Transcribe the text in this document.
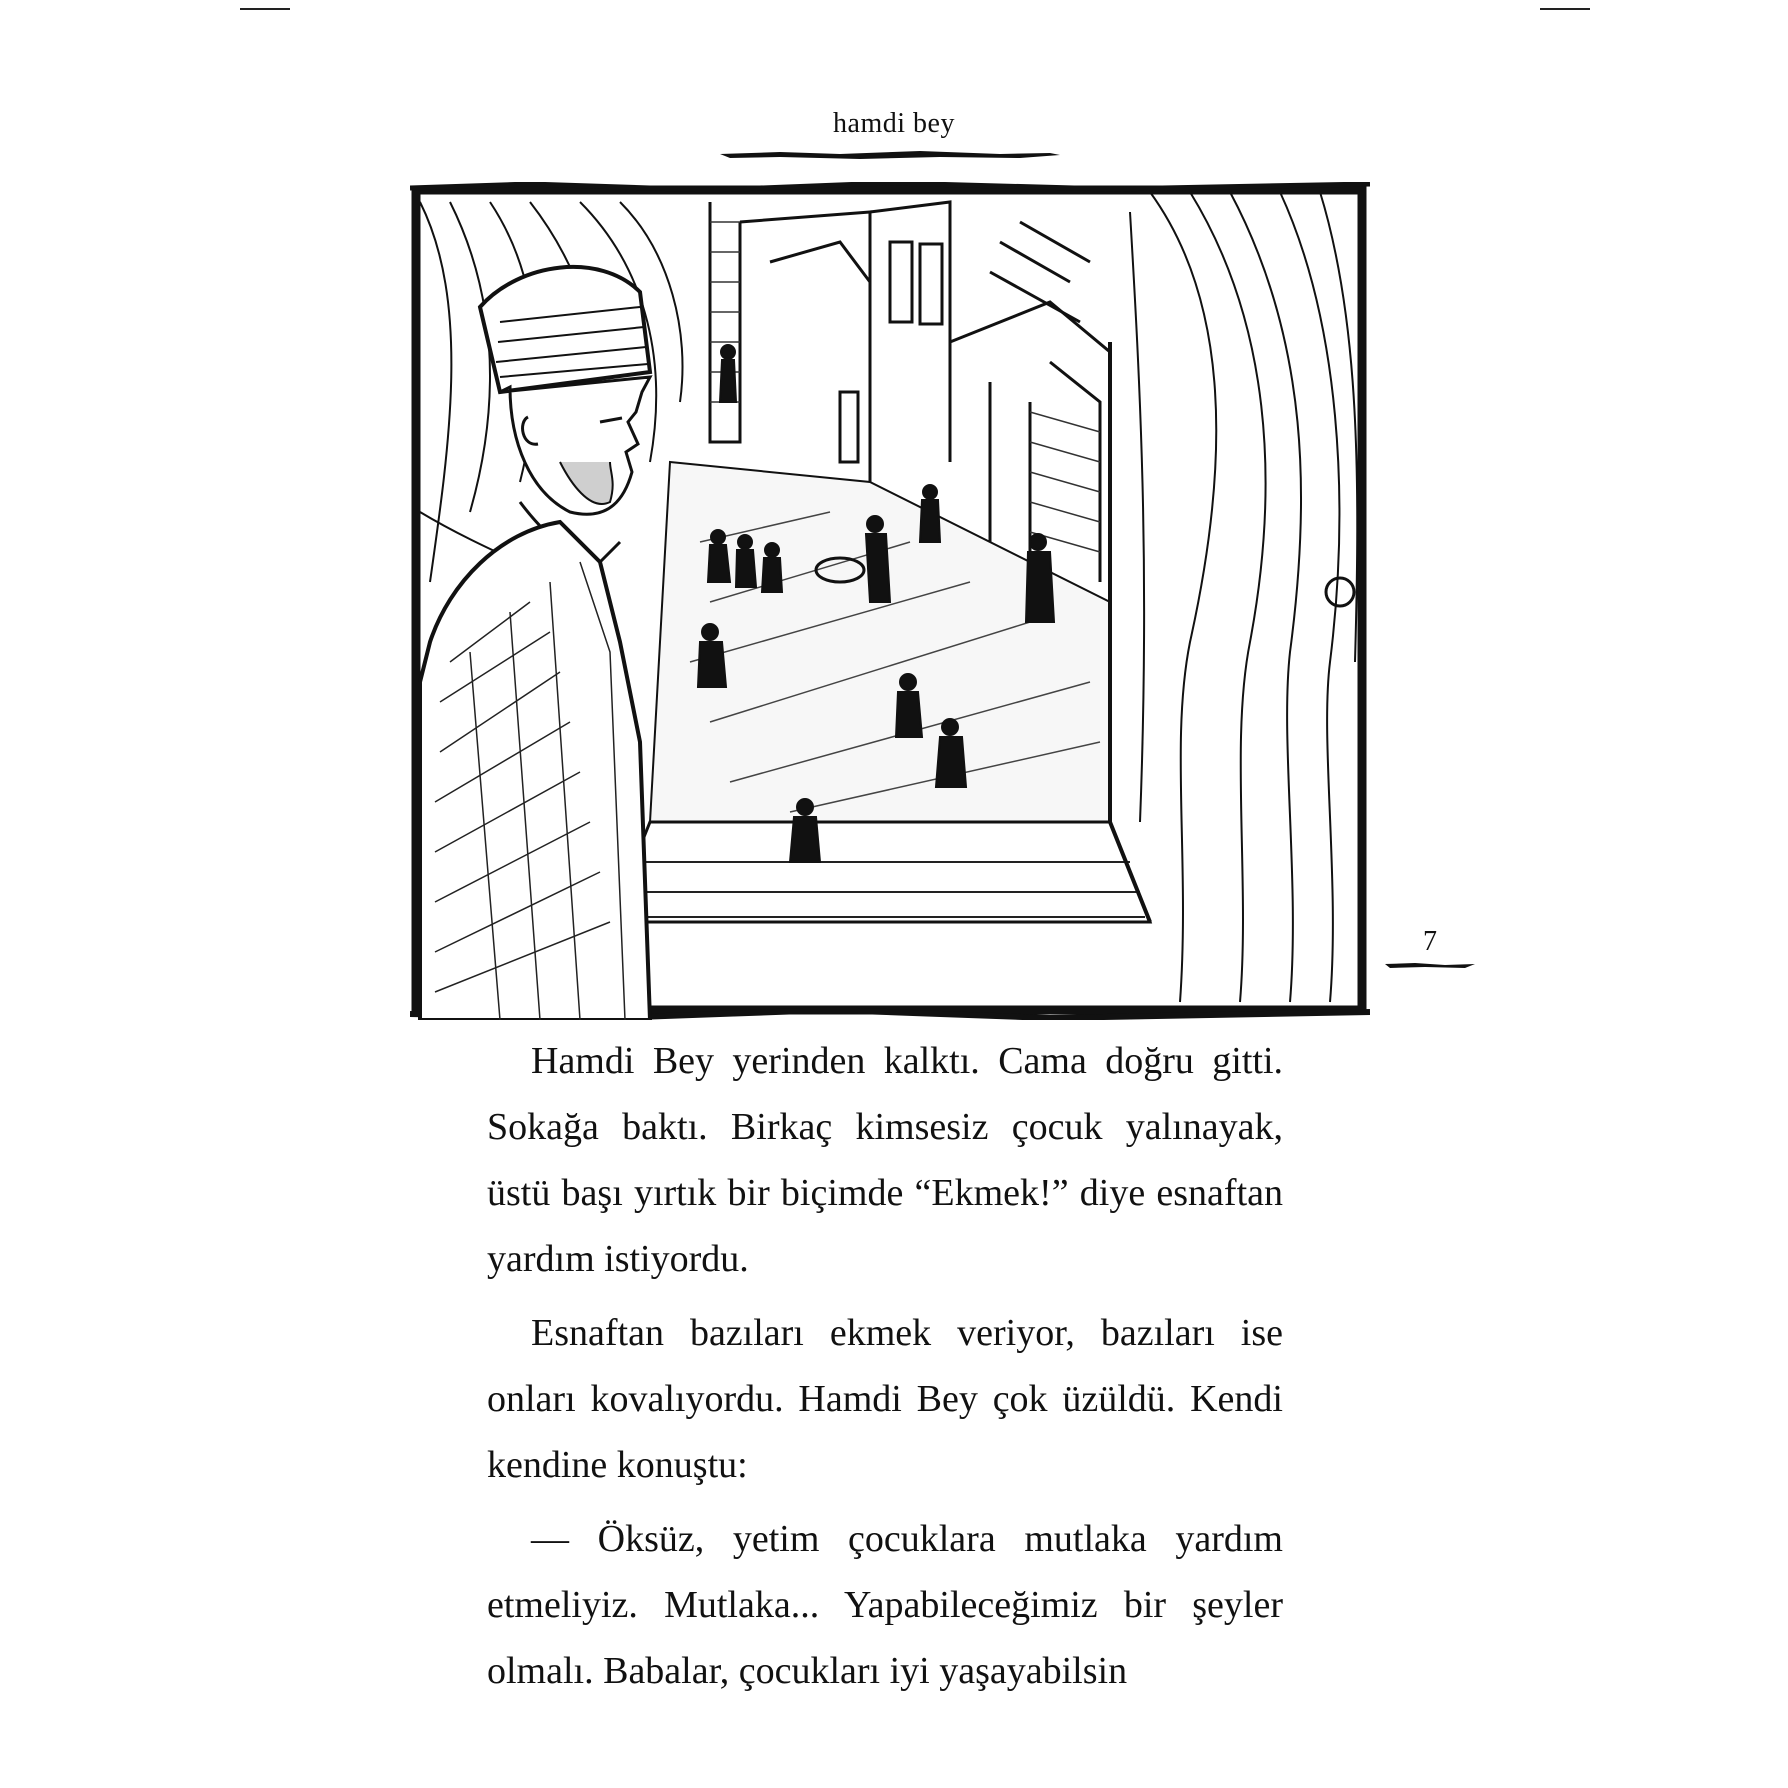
hamdi bey
7

Hamdi Bey yerinden kalktı. Cama doğru gitti. Sokağa baktı. Birkaç kimsesiz çocuk yalınayak, üstü başı yırtık bir biçimde “Ekmek!” diye esnaftan yardım istiyordu.

Esnaftan bazıları ekmek veriyor, bazıları ise onları kovalıyordu. Hamdi Bey çok üzüldü. Kendi kendine konuştu:

— Öksüz, yetim çocuklara mutlaka yardım etmeliyiz. Mutlaka... Yapabileceğimiz bir şeyler olmalı. Babalar, çocukları iyi yaşayabilsin
